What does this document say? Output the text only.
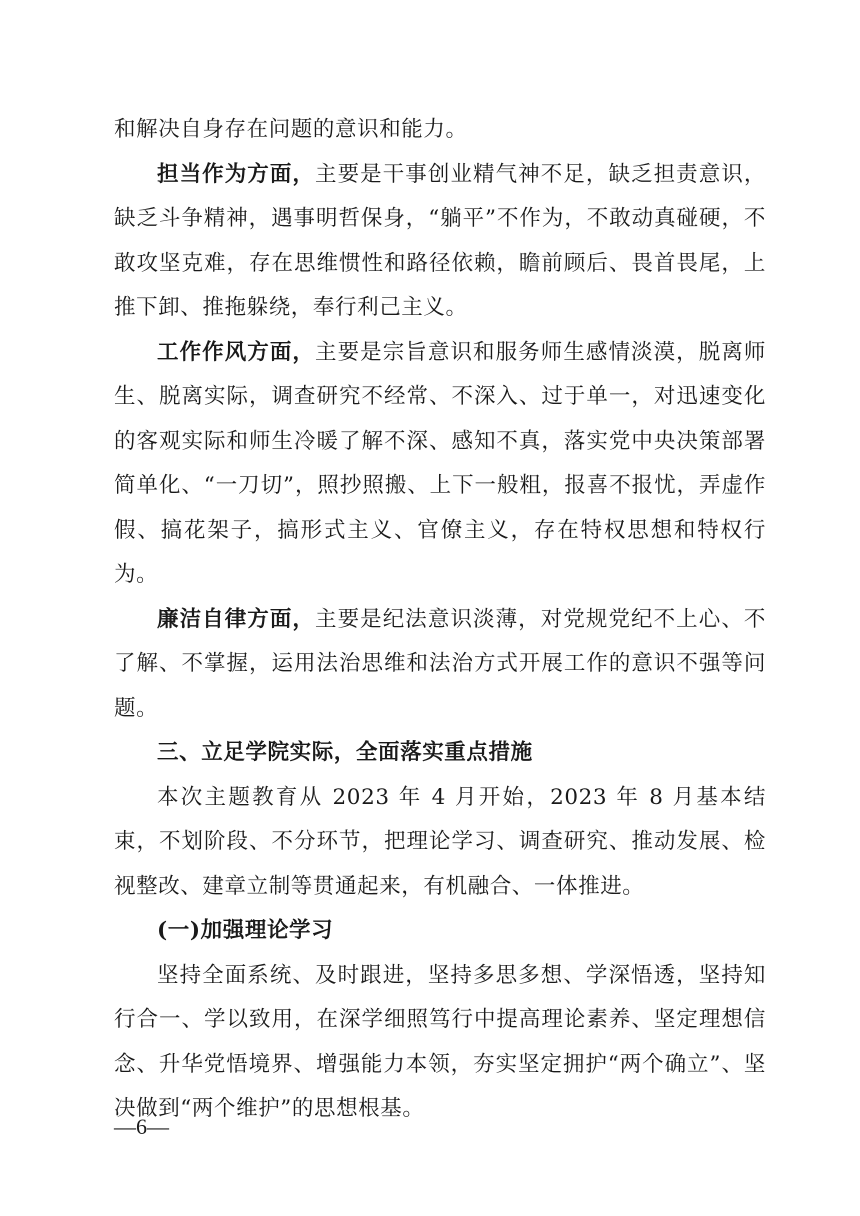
和解决自身存在问题的意识和能力。

担当作为方面，主要是干事创业精气神不足，缺乏担责意识，缺乏斗争精神，遇事明哲保身，“躺平”不作为，不敢动真碰硬，不敢攻坚克难，存在思维惯性和路径依赖，瞻前顾后、畏首畏尾，上推下卸、推拖躲绕，奉行利己主义。

工作作风方面，主要是宗旨意识和服务师生感情淡漠，脱离师生、脱离实际，调查研究不经常、不深入、过于单一，对迅速变化的客观实际和师生冷暖了解不深、感知不真，落实党中央决策部署简单化、“一刀切”，照抄照搬、上下一般粗，报喜不报忧，弄虚作假、搞花架子，搞形式主义、官僚主义，存在特权思想和特权行为。

廉洁自律方面，主要是纪法意识淡薄，对党规党纪不上心、不了解、不掌握，运用法治思维和法治方式开展工作的意识不强等问题。

三、立足学院实际，全面落实重点措施

本次主题教育从 2023 年 4 月开始，2023 年 8 月基本结束，不划阶段、不分环节，把理论学习、调查研究、推动发展、检视整改、建章立制等贯通起来，有机融合、一体推进。

(一)加强理论学习

坚持全面系统、及时跟进，坚持多思多想、学深悟透，坚持知行合一、学以致用，在深学细照笃行中提高理论素养、坚定理想信念、升华党悟境界、增强能力本领，夯实坚定拥护“两个确立”、坚决做到“两个维护”的思想根基。

—6—
